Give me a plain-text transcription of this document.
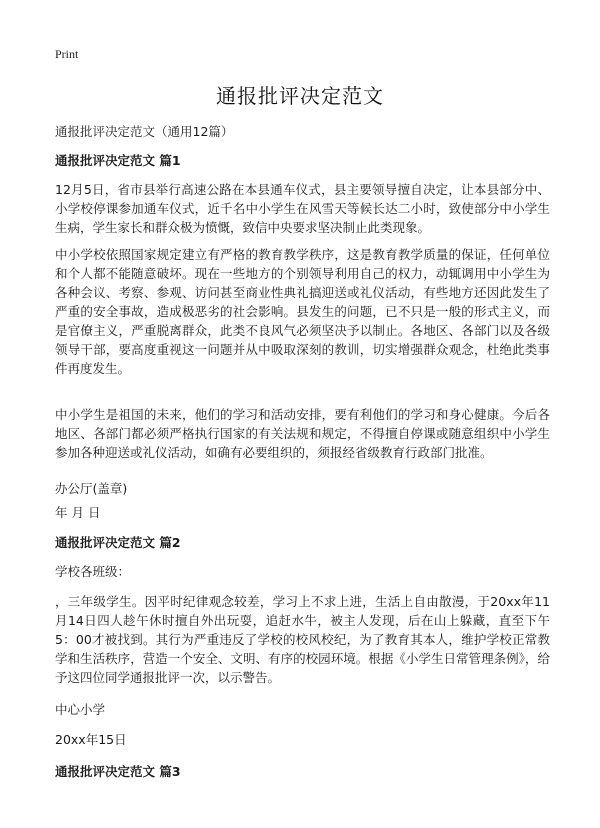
Print
通报批评决定范文
通报批评决定范文（通用12篇）
通报批评决定范文 篇1
12月5日，省市县举行高速公路在本县通车仪式，县主要领导擅自决定，让本县部分中、小学校停课参加通车仪式，近千名中小学生在风雪天等候长达二小时，致使部分中小学生生病，学生家长和群众极为愤慨，致信中央要求坚决制止此类现象。
中小学校依照国家规定建立有严格的教育教学秩序，这是教育教学质量的保证，任何单位和个人都不能随意破坏。现在一些地方的个别领导利用自己的权力，动辄调用中小学生为各种会议、考察、参观、访问甚至商业性典礼搞迎送或礼仪活动，有些地方还因此发生了严重的安全事故，造成极恶劣的社会影响。县发生的问题，已不只是一般的形式主义，而是官僚主义，严重脱离群众，此类不良风气必须坚决予以制止。各地区、各部门以及各级领导干部，要高度重视这一问题并从中吸取深刻的教训，切实增强群众观念，杜绝此类事件再度发生。
中小学生是祖国的未来，他们的学习和活动安排，要有利他们的学习和身心健康。今后各地区、各部门都必须严格执行国家的有关法规和规定，不得擅自停课或随意组织中小学生参加各种迎送或礼仪活动，如确有必要组织的，须报经省级教育行政部门批准。
办公厅(盖章)
年 月 日
通报批评决定范文 篇2
学校各班级：
，三年级学生。因平时纪律观念较差，学习上不求上进，生活上自由散漫，于20xx年11月14日四人趁午休时擅自外出玩耍，追赶水牛，被主人发现，后在山上躲藏，直至下午5：00才被找到。其行为严重违反了学校的校风校纪，为了教育其本人，维护学校正常教学和生活秩序，营造一个安全、文明、有序的校园环境。根据《小学生日常管理条例》，给予这四位同学通报批评一次，以示警告。
中心小学
20xx年15日
通报批评决定范文 篇3
